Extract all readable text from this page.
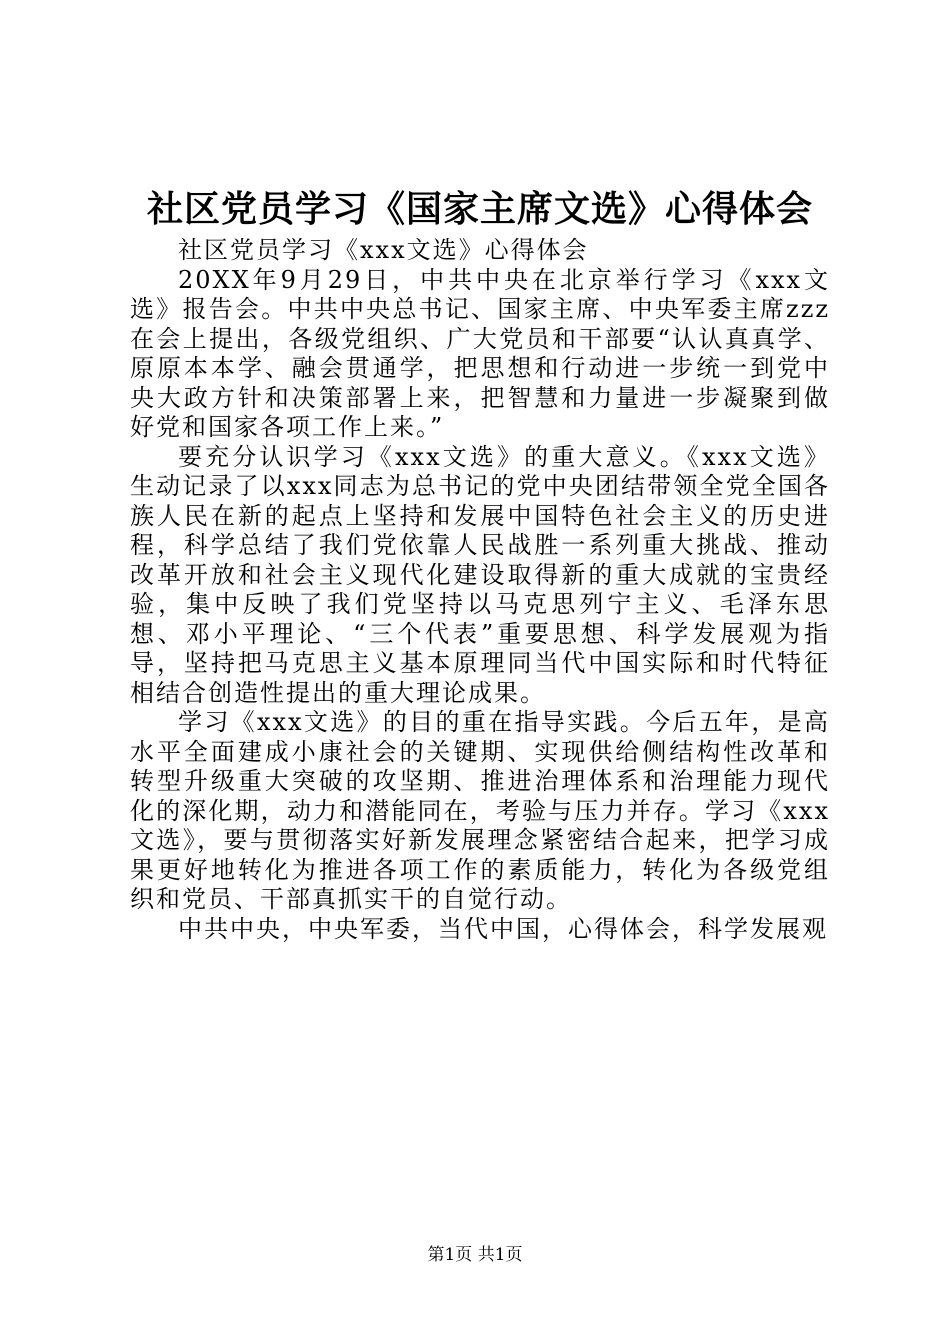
社区党员学习《国家主席文选》心得体会

社区党员学习《xxx文选》心得体会

20XX年9月29日，中共中央在北京举行学习《xxx文选》报告会。中共中央总书记、国家主席、中央军委主席zzz在会上提出，各级党组织、广大党员和干部要“认认真真学、原原本本学、融会贯通学，把思想和行动进一步统一到党中央大政方针和决策部署上来，把智慧和力量进一步凝聚到做好党和国家各项工作上来。”

要充分认识学习《xxx文选》的重大意义。《xxx文选》生动记录了以xxx同志为总书记的党中央团结带领全党全国各族人民在新的起点上坚持和发展中国特色社会主义的历史进程，科学总结了我们党依靠人民战胜一系列重大挑战、推动改革开放和社会主义现代化建设取得新的重大成就的宝贵经验，集中反映了我们党坚持以马克思列宁主义、毛泽东思想、邓小平理论、“三个代表”重要思想、科学发展观为指导，坚持把马克思主义基本原理同当代中国实际和时代特征相结合创造性提出的重大理论成果。

学习《xxx文选》的目的重在指导实践。今后五年，是高水平全面建成小康社会的关键期、实现供给侧结构性改革和转型升级重大突破的攻坚期、推进治理体系和治理能力现代化的深化期，动力和潜能同在，考验与压力并存。学习《xxx文选》，要与贯彻落实好新发展理念紧密结合起来，把学习成果更好地转化为推进各项工作的素质能力，转化为各级党组织和党员、干部真抓实干的自觉行动。

中共中央，中央军委，当代中国，心得体会，科学发展观

第1页 共1页
